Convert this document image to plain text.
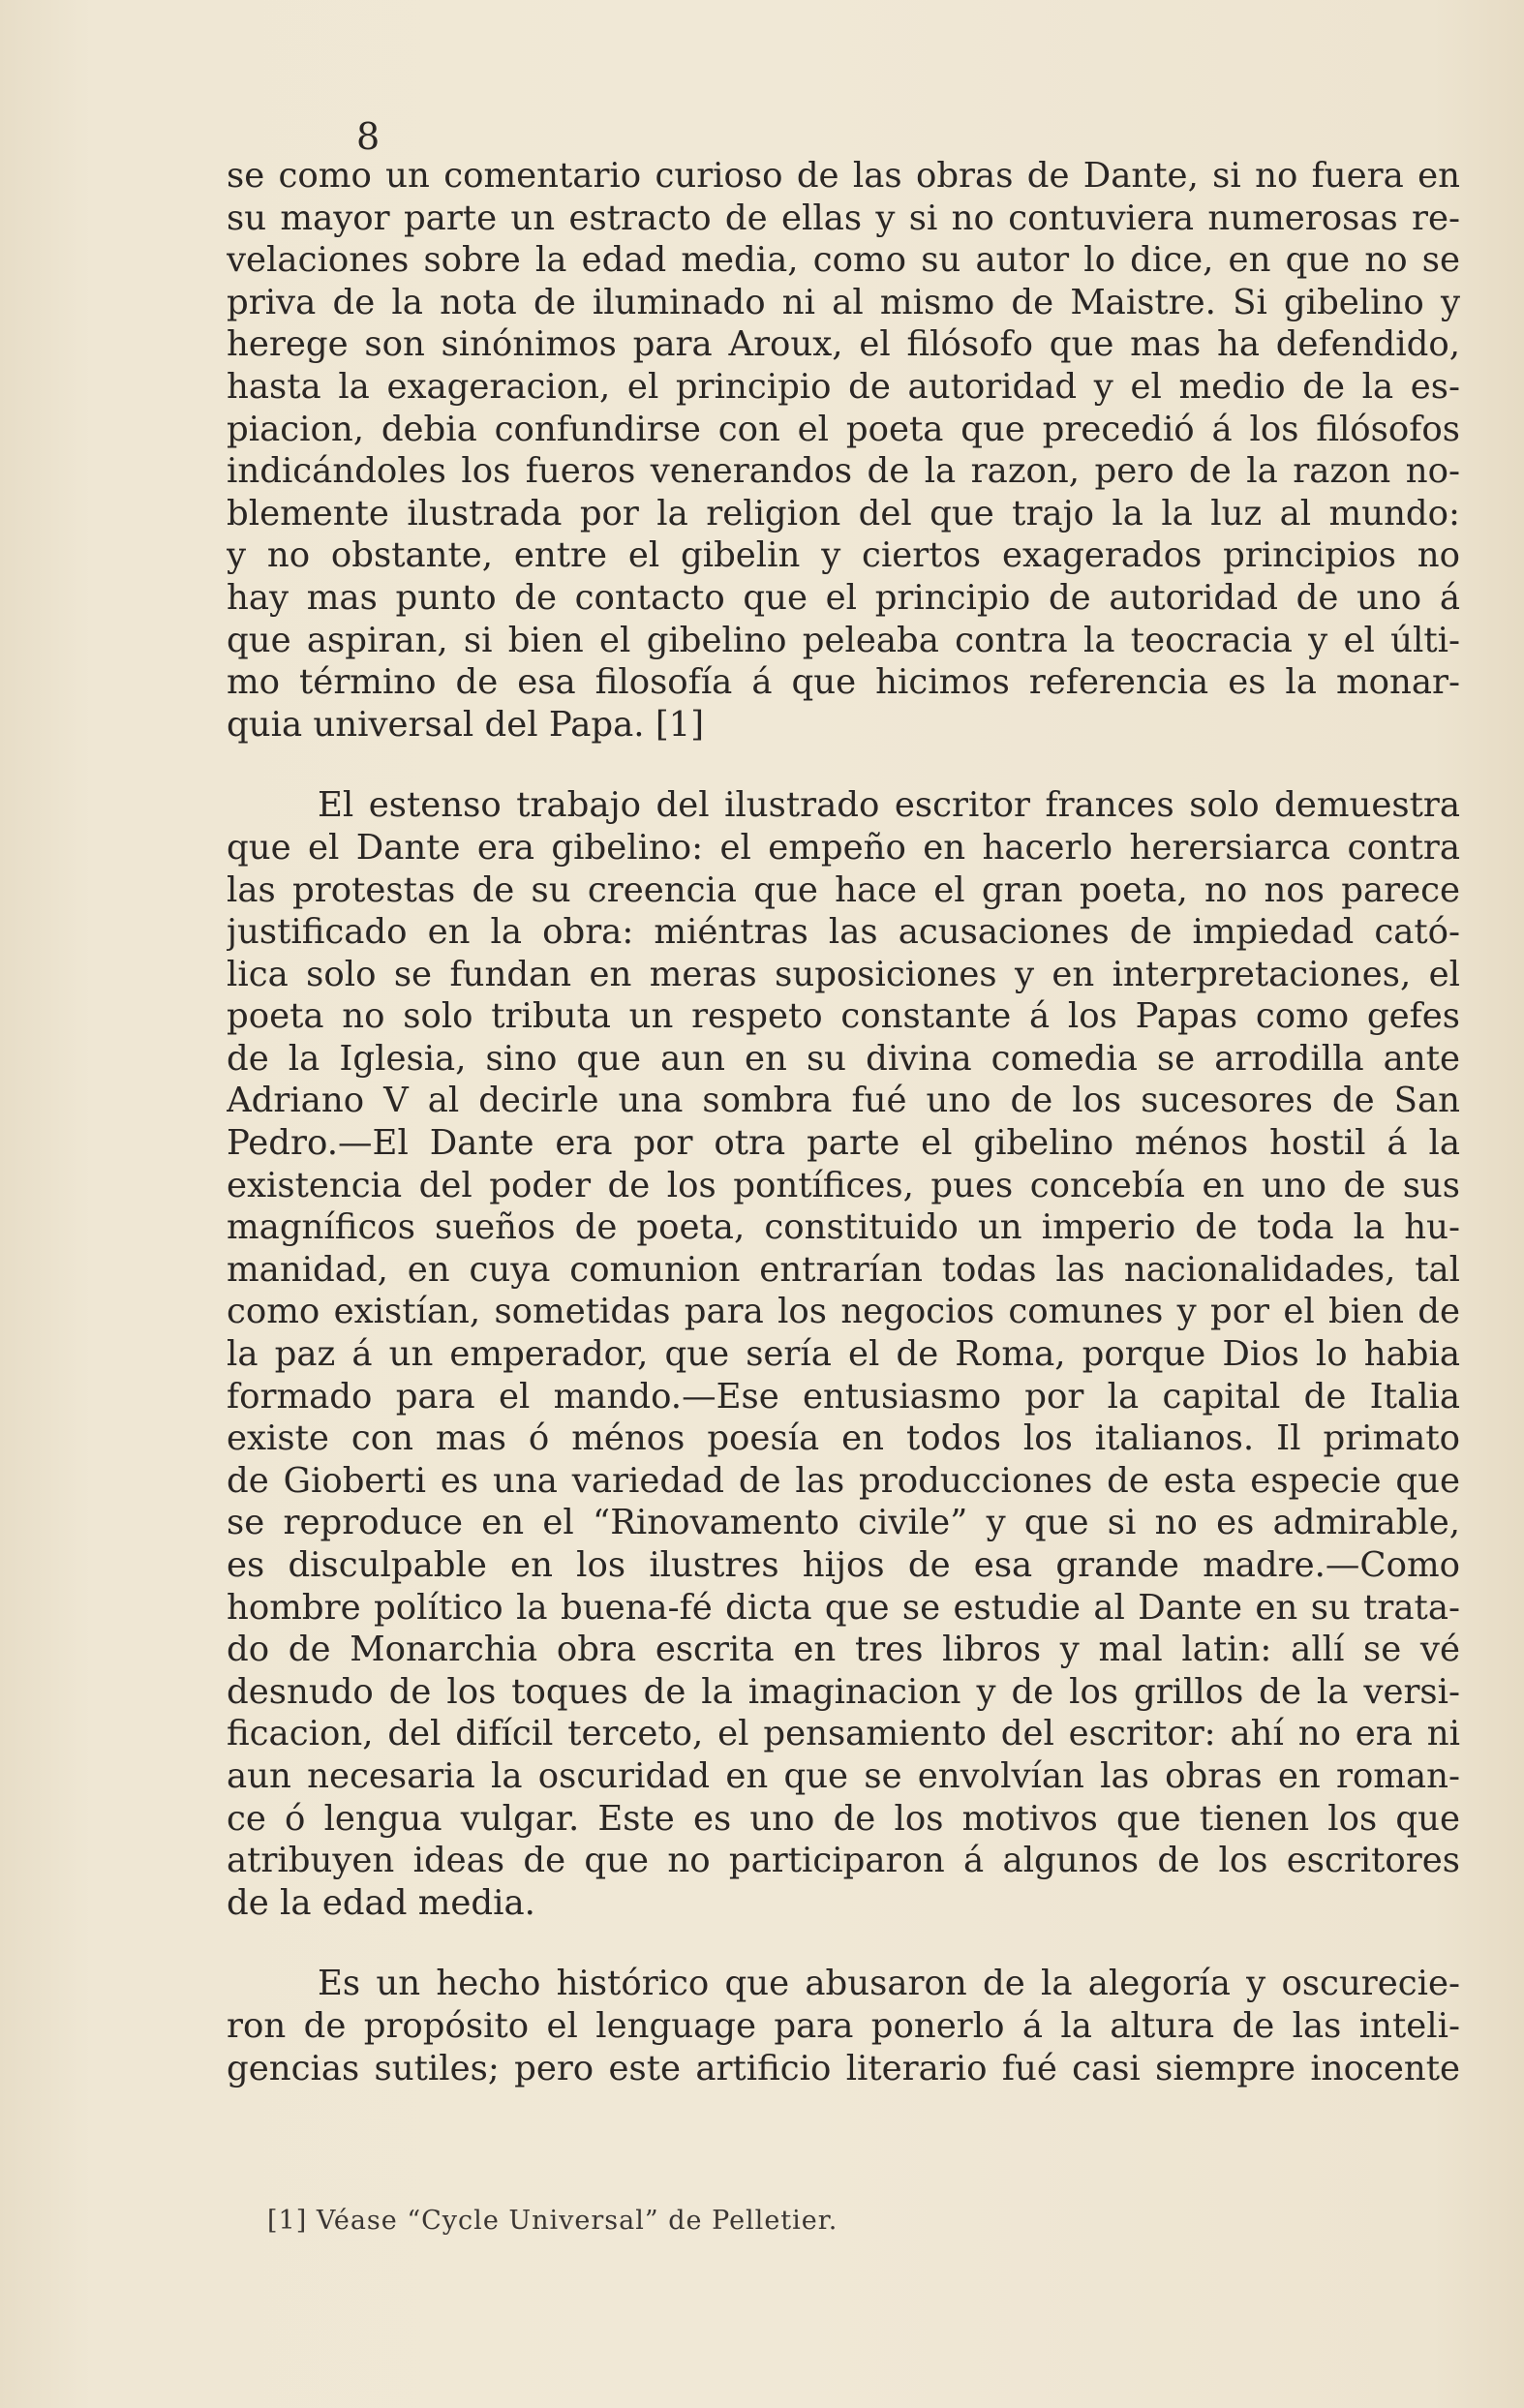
8
se como un comentario curioso de las obras de Dante, si no fuera en
su mayor parte un estracto de ellas y si no contuviera numerosas re-
velaciones sobre la edad media, como su autor lo dice, en que no se
priva de la nota de iluminado ni al mismo de Maistre. Si gibelino y
herege son sinónimos para Aroux, el filósofo que mas ha defendido,
hasta la exageracion, el principio de autoridad y el medio de la es-
piacion, debia confundirse con el poeta que precedió á los filósofos
indicándoles los fueros venerandos de la razon, pero de la razon no-
blemente ilustrada por la religion del que trajo la la luz al mundo:
y no obstante, entre el gibelin y ciertos exagerados principios no
hay mas punto de contacto que el principio de autoridad de uno á
que aspiran, si bien el gibelino peleaba contra la teocracia y el últi-
mo término de esa filosofía á que hicimos referencia es la monar-
quia universal del Papa. [1]
El estenso trabajo del ilustrado escritor frances solo demuestra
que el Dante era gibelino: el empeño en hacerlo herersiarca contra
las protestas de su creencia que hace el gran poeta, no nos parece
justificado en la obra: miéntras las acusaciones de impiedad cató-
lica solo se fundan en meras suposiciones y en interpretaciones, el
poeta no solo tributa un respeto constante á los Papas como gefes
de la Iglesia, sino que aun en su divina comedia se arrodilla ante
Adriano V al decirle una sombra fué uno de los sucesores de San
Pedro.—El Dante era por otra parte el gibelino ménos hostil á la
existencia del poder de los pontífices, pues concebía en uno de sus
magníficos sueños de poeta, constituido un imperio de toda la hu-
manidad, en cuya comunion entrarían todas las nacionalidades, tal
como existían, sometidas para los negocios comunes y por el bien de
la paz á un emperador, que sería el de Roma, porque Dios lo habia
formado para el mando.—Ese entusiasmo por la capital de Italia
existe con mas ó ménos poesía en todos los italianos. Il primato
de Gioberti es una variedad de las producciones de esta especie que
se reproduce en el “Rinovamento civile” y que si no es admirable,
es disculpable en los ilustres hijos de esa grande madre.—Como
hombre político la buena-fé dicta que se estudie al Dante en su trata-
do de Monarchia obra escrita en tres libros y mal latin: allí se vé
desnudo de los toques de la imaginacion y de los grillos de la versi-
ficacion, del difícil terceto, el pensamiento del escritor: ahí no era ni
aun necesaria la oscuridad en que se envolvían las obras en roman-
ce ó lengua vulgar. Este es uno de los motivos que tienen los que
atribuyen ideas de que no participaron á algunos de los escritores
de la edad media.
Es un hecho histórico que abusaron de la alegoría y oscurecie-
ron de propósito el lenguage para ponerlo á la altura de las inteli-
gencias sutiles; pero este artificio literario fué casi siempre inocente
[1] Véase “Cycle Universal” de Pelletier.
